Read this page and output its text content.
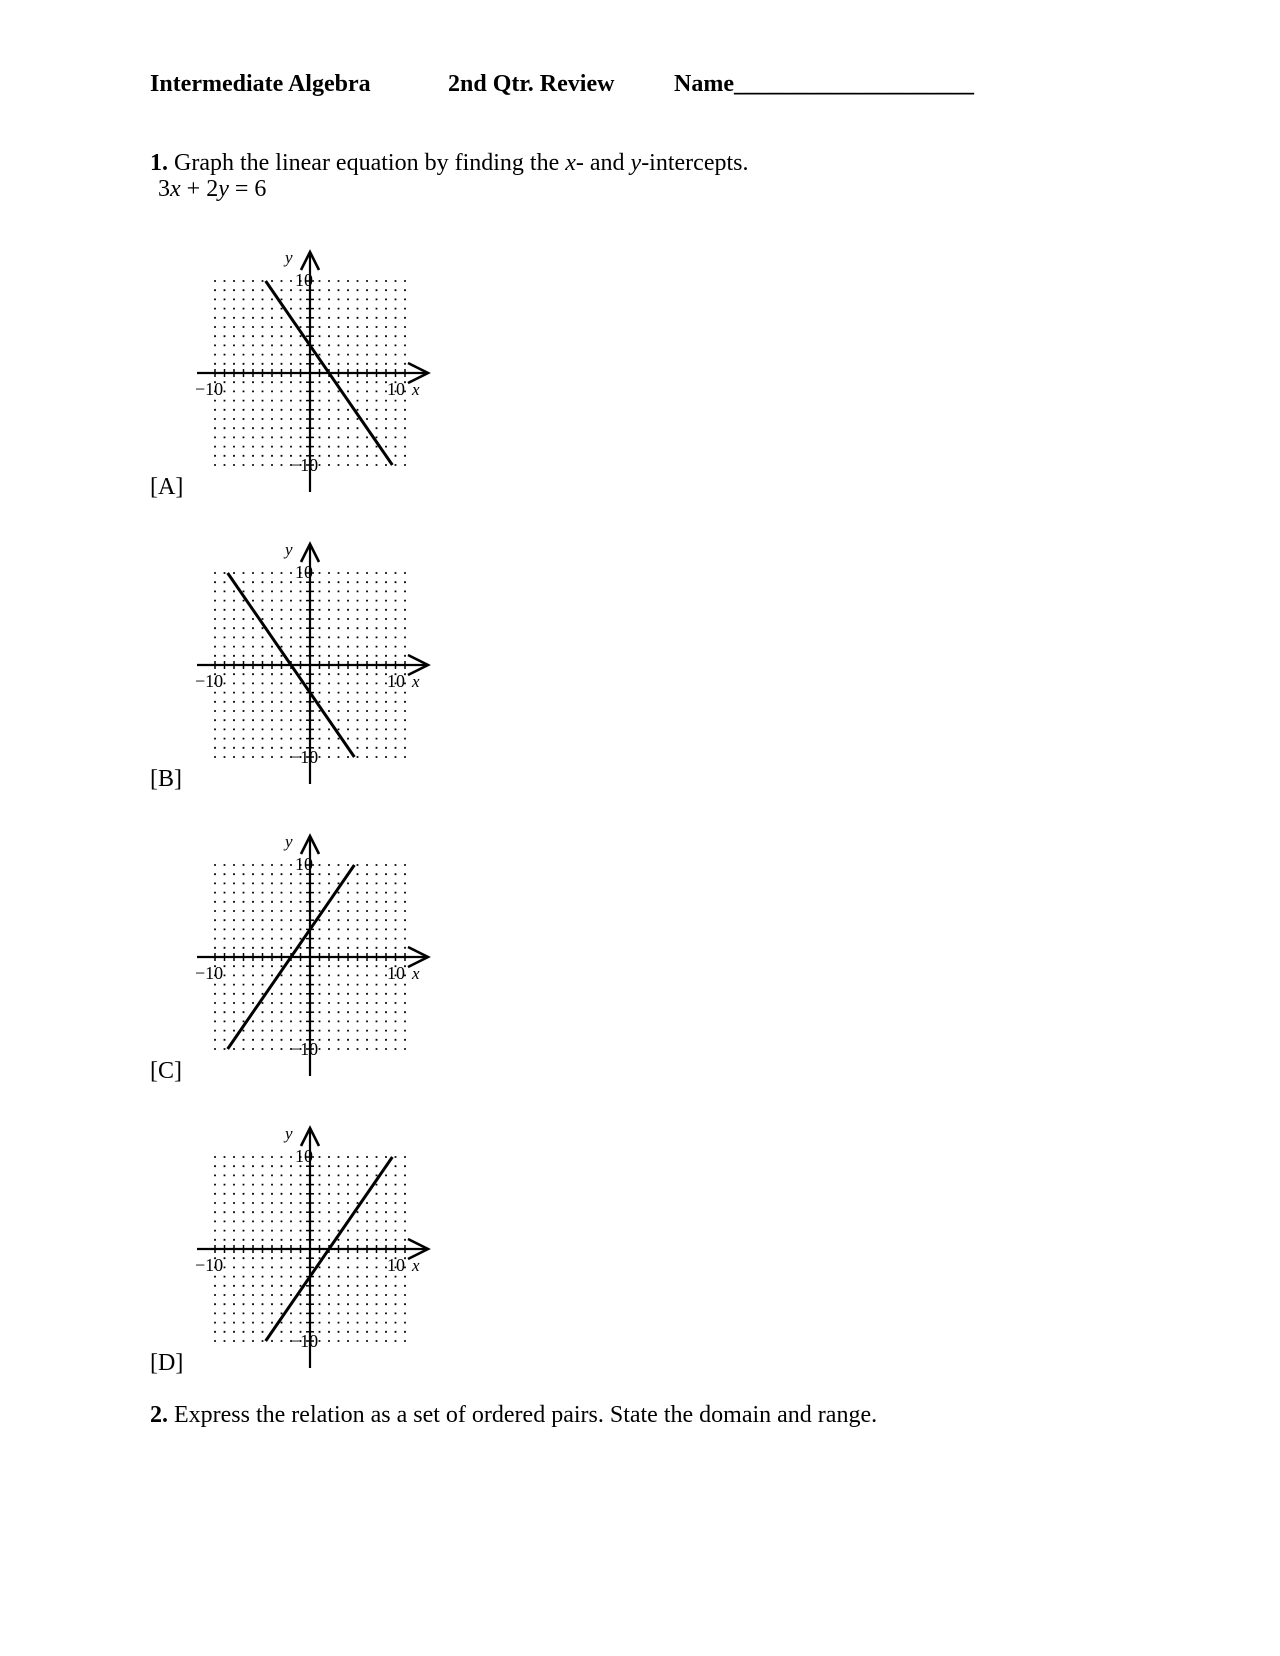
Intermediate Algebra	2nd Qtr. Review Name____________________
1. Graph the linear equation by finding the x- and y-intercepts.
3x + 2y = 6
y
10
−10
−10	10 x
[A]
y
10
−10
−10	10 x
[B]
y
10
−10
−10	10 x
[C]
y
10
−10
−10	10 x
[D]
2. Express the relation as a set of ordered pairs. State the domain and range.
